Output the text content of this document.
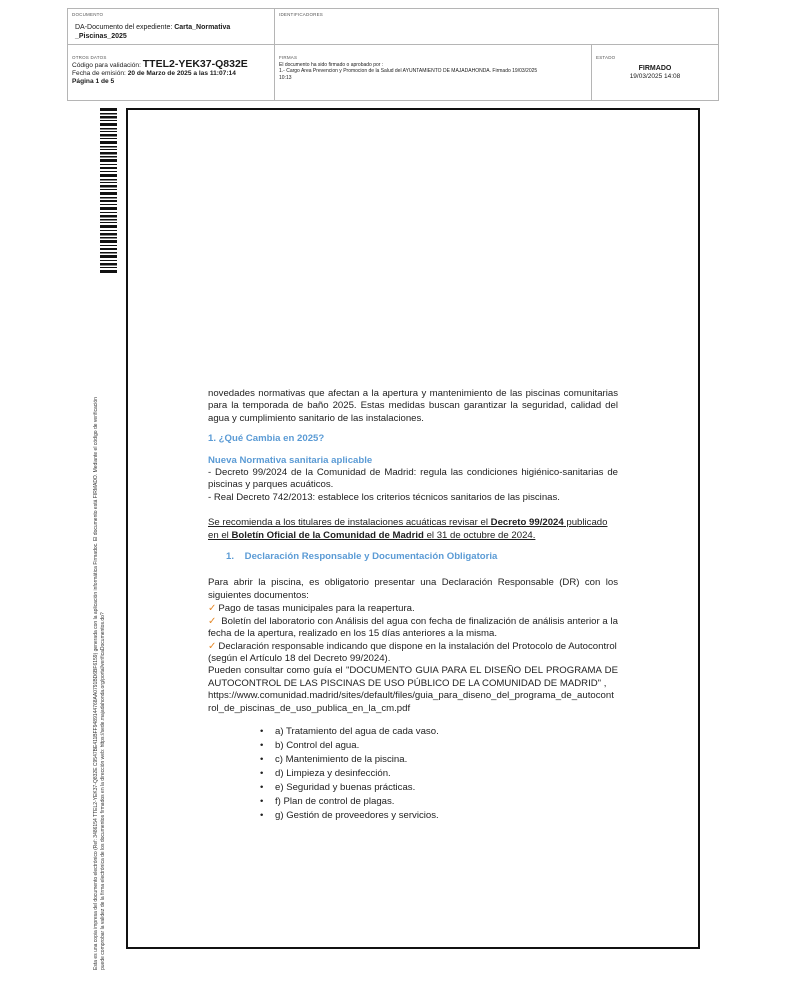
DOCUMENTO
DA-Documento del expediente: Carta_Normativa
_Piscinas_2025
IDENTIFICADORES
OTROS DATOS
Código para validación: TTEL2-YEK37-Q832E
Fecha de emisión: 20 de Marzo de 2025 a las 11:07:14
Página 1 de 5
FIRMAS
El documento ha sido firmado o aprobado por :
1.- Cargo Area Prevencion y Promocion de la Salud del AYUNTAMIENTO DE MAJADAHONDA. Firmado 19/03/2025
10:13
ESTADO
FIRMADO
19/03/2025 14:08
Esta es una copia impresa del documento electrónico (Ref: 3486154 TTEL2-YEK37-Q832E C9547BE411BFF9489144768AA0791BD6BF6159) generada con la aplicación informática Firmadoc. El documento está FIRMADO. Mediante el código de verificación puede comprobar la validez de la firma electrónica de los documentos firmados en la dirección web: https://sede.majadahonda.org/portal/verificaDocumentos.do?

novedades normativas que afectan a la apertura y mantenimiento de las piscinas comunitarias para la temporada de baño 2025. Estas medidas buscan garantizar la seguridad, calidad del agua y cumplimiento sanitario de las instalaciones.

1. ¿Qué Cambia en 2025?
Nueva Normativa sanitaria aplicable
- Decreto 99/2024 de la Comunidad de Madrid: regula las condiciones higiénico-sanitarias de piscinas y parques acuáticos.
- Real Decreto 742/2013: establece los criterios técnicos sanitarios de las piscinas.
Se recomienda a los titulares de instalaciones acuáticas revisar el Decreto 99/2024 publicado en el Boletín Oficial de la Comunidad de Madrid el 31 de octubre de 2024.
1.    Declaración Responsable y Documentación Obligatoria

Para abrir la piscina, es obligatorio presentar una Declaración Responsable (DR) con los siguientes documentos:

✓ Pago de tasas municipales para la reapertura.
✓ Boletín del laboratorio con Análisis del agua con fecha de finalización de análisis anterior a la fecha de la apertura, realizado en los 15 días anteriores a la misma.
✓ Declaración responsable indicando que dispone en la instalación del Protocolo de Autocontrol (según el Artículo 18 del Decreto 99/2024).
Pueden consultar como guía el "DOCUMENTO GUIA PARA EL DISEÑO DEL PROGRAMA DE AUTOCONTROL DE LAS PISCINAS DE USO PÚBLICO DE LA COMUNIDAD DE MADRID" ,
https://www.comunidad.madrid/sites/default/files/guia_para_diseno_del_programa_de_autocont
rol_de_piscinas_de_uso_publica_en_la_cm.pdf
• a) Tratamiento del agua de cada vaso.
• b) Control del agua.
• c) Mantenimiento de la piscina.
• d) Limpieza y desinfección.
• e) Seguridad y buenas prácticas.
• f) Plan de control de plagas.
• g) Gestión de proveedores y servicios.
